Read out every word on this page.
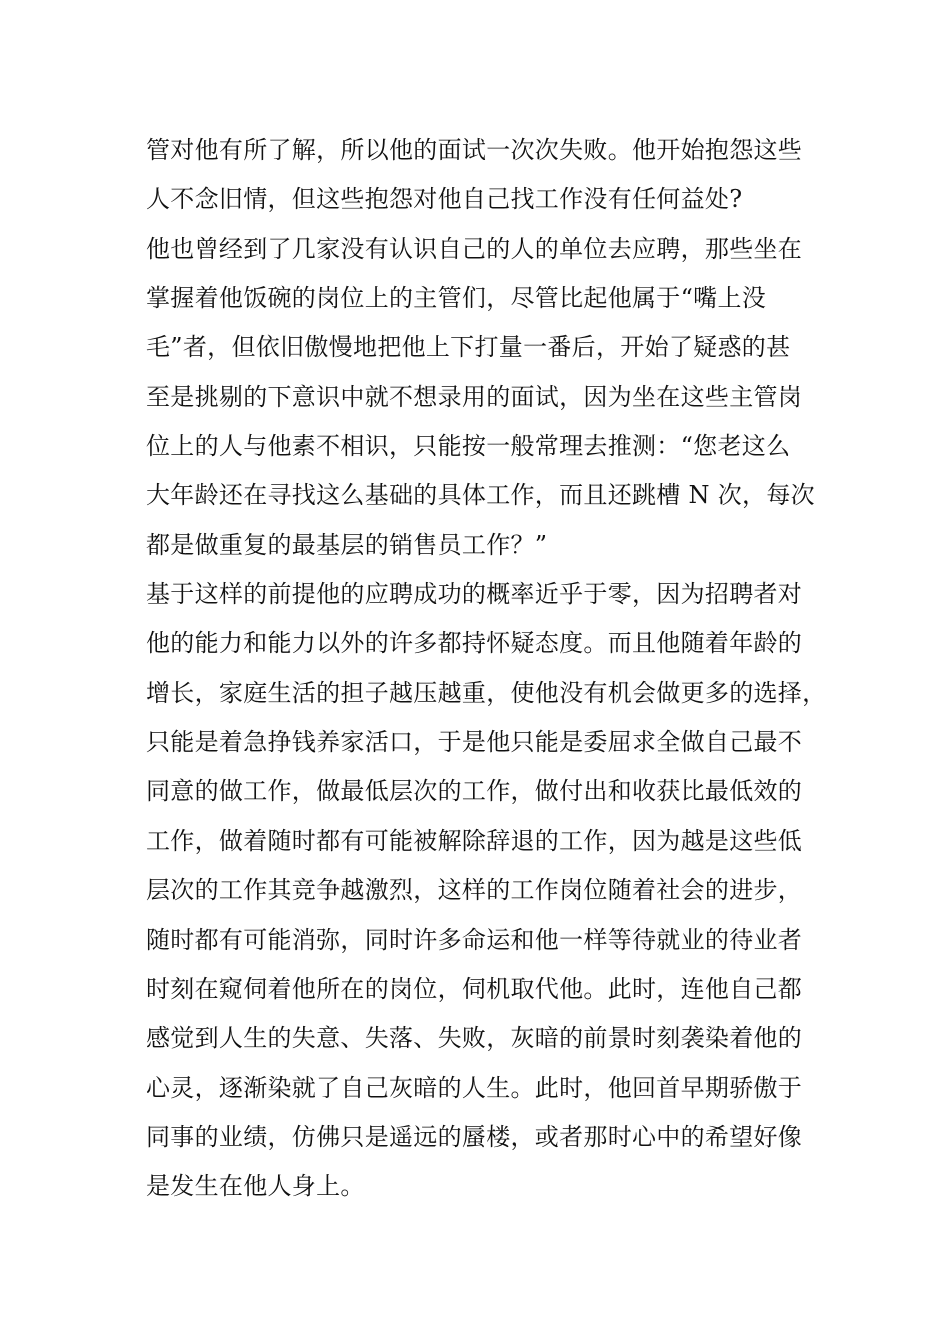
管对他有所了解，所以他的面试一次次失败。他开始抱怨这些
人不念旧情，但这些抱怨对他自己找工作没有任何益处?
他也曾经到了几家没有认识自己的人的单位去应聘，那些坐在
掌握着他饭碗的岗位上的主管们，尽管比起他属于“嘴上没
毛”者，但依旧傲慢地把他上下打量一番后，开始了疑惑的甚
至是挑剔的下意识中就不想录用的面试，因为坐在这些主管岗
位上的人与他素不相识，只能按一般常理去推测：“您老这么
大年龄还在寻找这么基础的具体工作，而且还跳槽 N 次，每次
都是做重复的最基层的销售员工作？”
基于这样的前提他的应聘成功的概率近乎于零，因为招聘者对
他的能力和能力以外的许多都持怀疑态度。而且他随着年龄的
增长，家庭生活的担子越压越重，使他没有机会做更多的选择，
只能是着急挣钱养家活口，于是他只能是委屈求全做自己最不
同意的做工作，做最低层次的工作，做付出和收获比最低效的
工作，做着随时都有可能被解除辞退的工作，因为越是这些低
层次的工作其竞争越激烈，这样的工作岗位随着社会的进步，
随时都有可能消弥，同时许多命运和他一样等待就业的待业者
时刻在窥伺着他所在的岗位，伺机取代他。此时，连他自己都
感觉到人生的失意、失落、失败，灰暗的前景时刻袭染着他的
心灵，逐渐染就了自己灰暗的人生。此时，他回首早期骄傲于
同事的业绩，仿佛只是遥远的蜃楼，或者那时心中的希望好像
是发生在他人身上。
